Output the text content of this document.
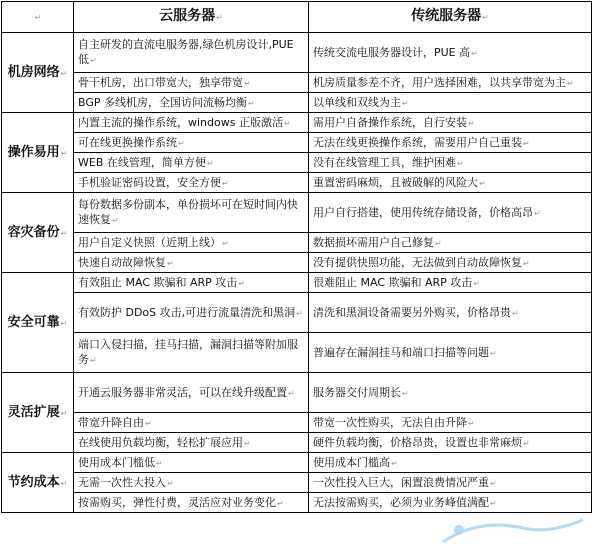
↵	云服务器↵	传统服务器↵
机房网络↵	自主研发的直流电服务器,绿色机房设计,PUE 低↵	传统交流电服务器设计，PUE 高↵
	骨干机房，出口带宽大，独享带宽↵	机房质量参差不齐，用户选择困难，以共享带宽为主↵
	BGP 多线机房，全国访问流畅均衡↵	以单线和双线为主↵
操作易用↵	内置主流的操作系统，windows 正版激活↵	需用户自备操作系统，自行安装↵
	可在线更换操作系统↵	无法在线更换操作系统，需要用户自己重装↵
	WEB 在线管理，简单方便↵	没有在线管理工具，维护困难↵
	手机验证密码设置，安全方便↵	重置密码麻烦，且被破解的风险大↵
容灾备份↵	每份数据多份副本，单份损坏可在短时间内快速恢复↵	用户自行搭建，使用传统存储设备，价格高昂↵
	用户自定义快照（近期上线）↵	数据损坏需用户自己修复↵
	快速自动故障恢复↵	没有提供快照功能，无法做到自动故障恢复↵
安全可靠↵	有效阻止 MAC 欺骗和 ARP 攻击↵	很难阻止 MAC 欺骗和 ARP 攻击↵
	有效防护 DDoS 攻击,可进行流量清洗和黑洞↵	清洗和黑洞设备需要另外购买，价格昂贵↵
	端口入侵扫描，挂马扫描，漏洞扫描等附加服务↵	普遍存在漏洞挂马和端口扫描等问题↵
灵活扩展↵	开通云服务器非常灵活，可以在线升级配置↵	服务器交付周期长↵
	带宽升降自由↵	带宽一次性购买，无法自由升降↵
	在线使用负载均衡，轻松扩展应用↵	硬件负载均衡，价格昂贵，设置也非常麻烦↵
节约成本↵	使用成本门槛低↵	使用成本门槛高↵
	无需一次性大投入↵	一次性投入巨大，闲置浪费情况严重↵
	按需购买，弹性付费，灵活应对业务变化↵	无法按需购买，必须为业务峰值满配↵
